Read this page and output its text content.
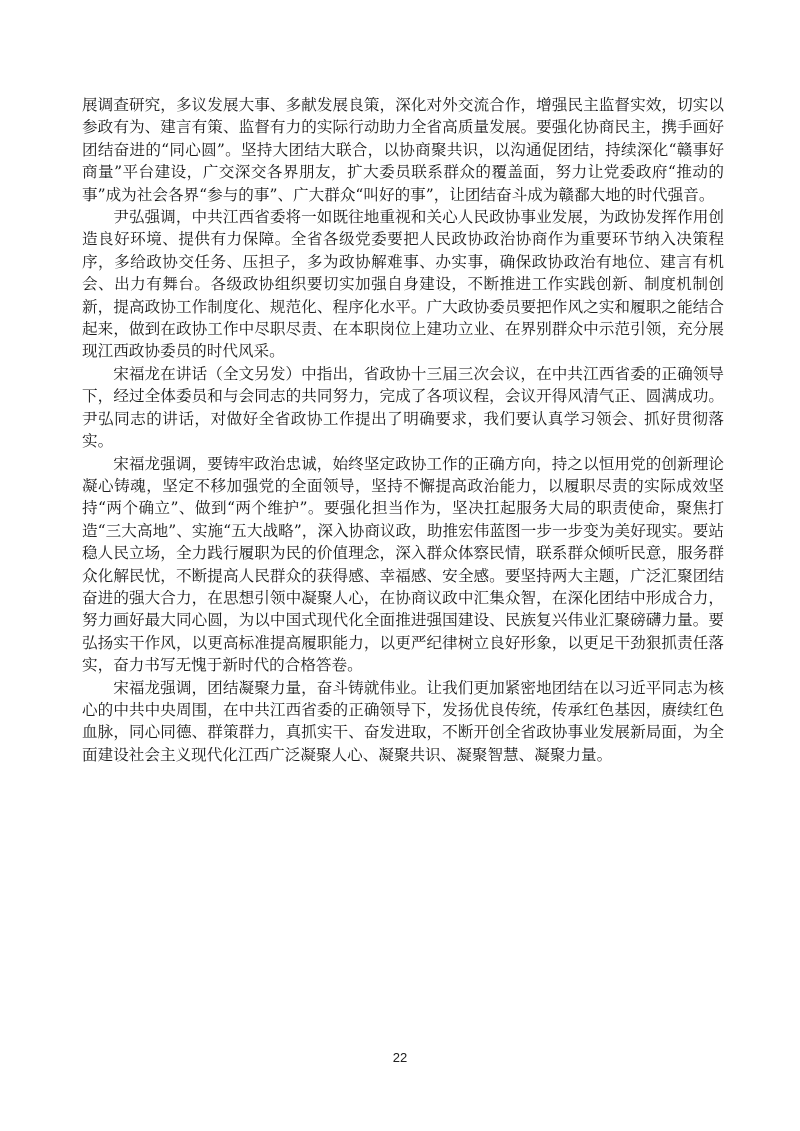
展调查研究，多议发展大事、多献发展良策，深化对外交流合作，增强民主监督实效，切实以参政有为、建言有策、监督有力的实际行动助力全省高质量发展。要强化协商民主，携手画好团结奋进的“同心圆”。坚持大团结大联合，以协商聚共识，以沟通促团结，持续深化“赣事好商量”平台建设，广交深交各界朋友，扩大委员联系群众的覆盖面，努力让党委政府“推动的事”成为社会各界“参与的事”、广大群众“叫好的事”，让团结奋斗成为赣鄱大地的时代强音。

尹弘强调，中共江西省委将一如既往地重视和关心人民政协事业发展，为政协发挥作用创造良好环境、提供有力保障。全省各级党委要把人民政协政治协商作为重要环节纳入决策程序，多给政协交任务、压担子，多为政协解难事、办实事，确保政协政治有地位、建言有机会、出力有舞台。各级政协组织要切实加强自身建设，不断推进工作实践创新、制度机制创新，提高政协工作制度化、规范化、程序化水平。广大政协委员要把作风之实和履职之能结合起来，做到在政协工作中尽职尽责、在本职岗位上建功立业、在界别群众中示范引领，充分展现江西政协委员的时代风采。

宋福龙在讲话（全文另发）中指出，省政协十三届三次会议，在中共江西省委的正确领导下，经过全体委员和与会同志的共同努力，完成了各项议程，会议开得风清气正、圆满成功。尹弘同志的讲话，对做好全省政协工作提出了明确要求，我们要认真学习领会、抓好贯彻落实。

宋福龙强调，要铸牢政治忠诚，始终坚定政协工作的正确方向，持之以恒用党的创新理论凝心铸魂，坚定不移加强党的全面领导，坚持不懈提高政治能力，以履职尽责的实际成效坚持“两个确立”、做到“两个维护”。要强化担当作为，坚决扛起服务大局的职责使命，聚焦打造“三大高地”、实施“五大战略”，深入协商议政，助推宏伟蓝图一步一步变为美好现实。要站稳人民立场，全力践行履职为民的价值理念，深入群众体察民情，联系群众倾听民意，服务群众化解民忧，不断提高人民群众的获得感、幸福感、安全感。要坚持两大主题，广泛汇聚团结奋进的强大合力，在思想引领中凝聚人心，在协商议政中汇集众智，在深化团结中形成合力，努力画好最大同心圆，为以中国式现代化全面推进强国建设、民族复兴伟业汇聚磅礴力量。要弘扬实干作风，以更高标准提高履职能力，以更严纪律树立良好形象，以更足干劲狠抓责任落实，奋力书写无愧于新时代的合格答卷。

宋福龙强调，团结凝聚力量，奋斗铸就伟业。让我们更加紧密地团结在以习近平同志为核心的中共中央周围，在中共江西省委的正确领导下，发扬优良传统，传承红色基因，赓续红色血脉，同心同德、群策群力，真抓实干、奋发进取，不断开创全省政协事业发展新局面，为全面建设社会主义现代化江西广泛凝聚人心、凝聚共识、凝聚智慧、凝聚力量。

22
